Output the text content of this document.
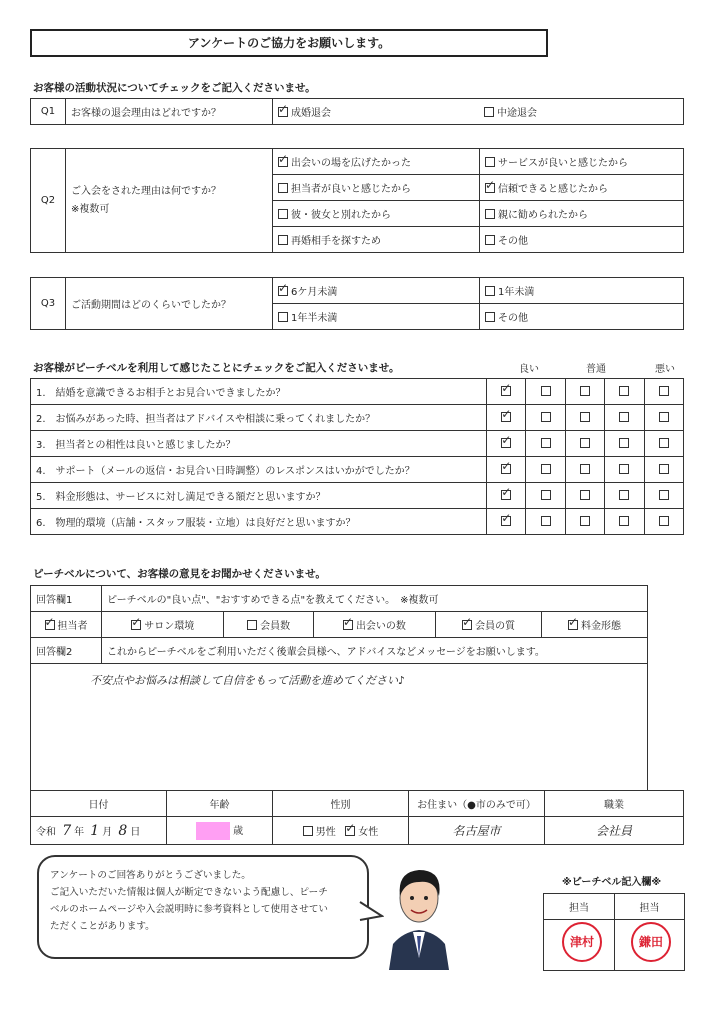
アンケートのご協力をお願いします。
お客様の活動状況についてチェックをご記入くださいませ。
Q1	お客様の退会理由はどれですか？	✓成婚退会	中途退会
Q2	ご入会をされた理由は何ですか？
※複数可	✓出会いの場を広げたかった	サービスが良いと感じたから
		担当者が良いと感じたから	✓信頼できると感じたから
		彼・彼女と別れたから	親に勧められたから
		再婚相手を探すため	その他
Q3	ご活動期間はどのくらいでしたか？	✓6ケ月未満	1年未満
		1年半未満	その他
お客様がピーチベルを利用して感じたことにチェックをご記入くださいませ。	良い	普通	悪い
1.　結婚を意識できるお相手とお見合いできましたか？	✓				
2.　お悩みがあった時、担当者はアドバイスや相談に乗ってくれましたか？	✓				
3.　担当者との相性は良いと感じましたか？	✓				
4.　サポート（メールの返信・お見合い日時調整）のレスポンスはいかがでしたか？	✓				
5.　料金形態は、サービスに対し満足できる額だと思いますか？	✓				
6.　物理的環境（店舗・スタッフ服装・立地）は良好だと思いますか？	✓				
ピーチベルについて、お客様の意見をお聞かせくださいませ。
回答欄1	ピーチベルの"良い点"、"おすすめできる点"を教えてください。　※複数可				
✓担当者	✓サロン環境	会員数	✓出会いの数	✓会員の質	✓料金形態
回答欄2	これからピーチベルをご利用いただく後輩会員様へ、アドバイスなどメッセージをお願いします。				
不安点やお悩みは相談して自信をもって活動を進めてください♪					
日付	年齢	性別	お住まい（●市のみで可）	職業
令和 7 年 1 月 8 日	歳	男性 ✓ 女性	名古屋市	会社員
アンケートのご回答ありがとうございました。
ご記入いただいた情報は個人が断定できないよう配慮し、ピーチ
ベルのホームページや入会説明時に参考資料として使用させてい
ただくことがあります。
※ピーチベル記入欄※
担当	担当

津村	鎌田
